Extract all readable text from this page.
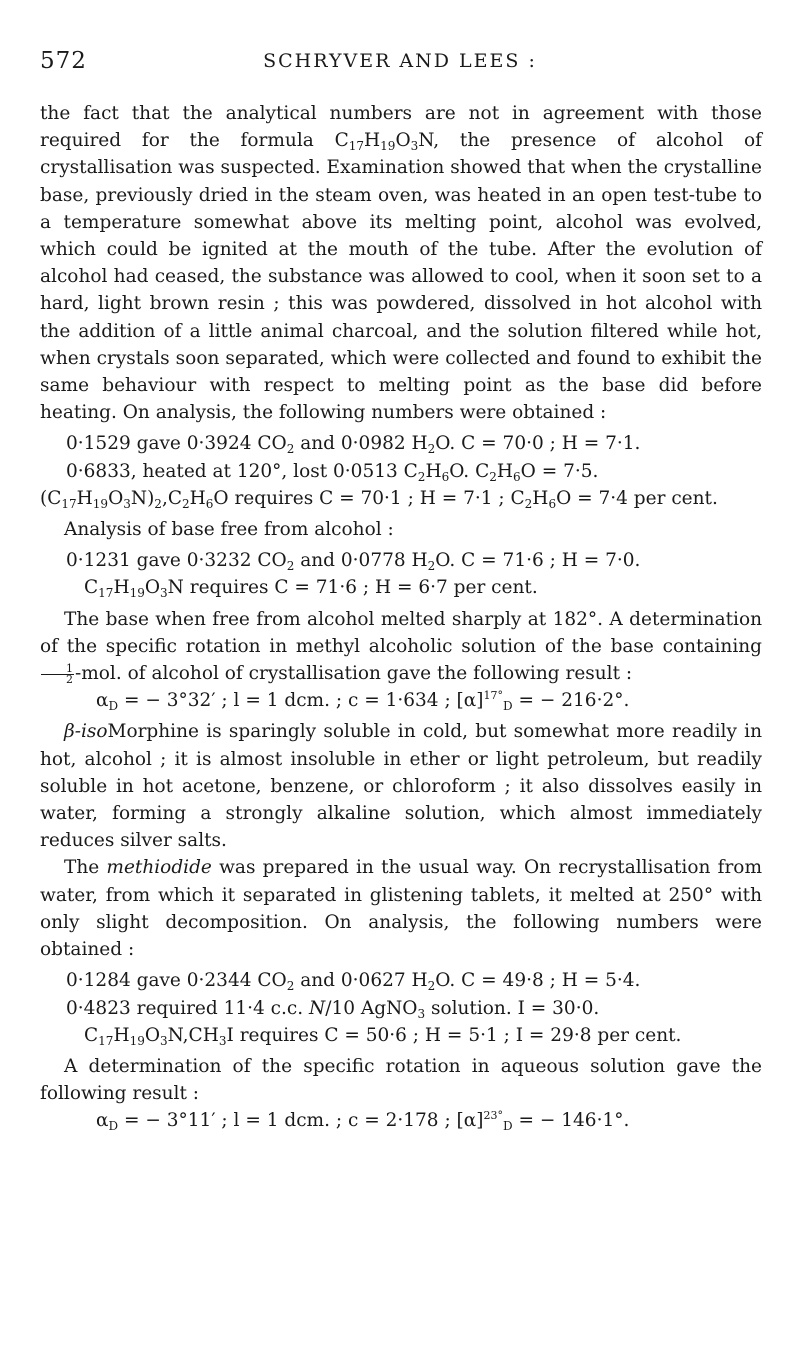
572	SCHRYVER AND LEES :

the fact that the analytical numbers are not in agreement with those required for the formula $C_{17}H_{19}O_3N$, the presence of alcohol of crystallisation was suspected. Examination showed that when the crystalline base, previously dried in the steam oven, was heated in an open test-tube to a temperature somewhat above its melting point, alcohol was evolved, which could be ignited at the mouth of the tube. After the evolution of alcohol had ceased, the substance was allowed to cool, when it soon set to a hard, light brown resin ; this was powdered, dissolved in hot alcohol with the addition of a little animal charcoal, and the solution filtered while hot, when crystals soon separated, which were collected and found to exhibit the same behaviour with respect to melting point as the base did before heating. On analysis, the following numbers were obtained :

0·1529 gave 0·3924 $CO_2$ and 0·0982 $H_2O$. C = 70·0 ; H = 7·1.
0·6833, heated at 120°, lost 0·0513 $C_2H_6O$. $C_2H_6O = 7\cdot 5$.
$(C_{17}H_{19}O_3N)_2,C_2H_6O$ requires C = 70·1 ; H = 7·1 ; $C_2H_6O = 7\cdot 4$ per cent.

Analysis of base free from alcohol :

0·1231 gave 0·3232 $CO_2$ and 0·0778 $H_2O$. C = 71·6 ; H = 7·0.
$C_{17}H_{19}O_3N$ requires C = 71·6 ; H = 6·7 per cent.

The base when free from alcohol melted sharply at 182°. A determination of the specific rotation in methyl alcoholic solution of the base containing
$\frac{1}{2} -mol$. of alcohol of crystallisation gave the following result :

$\alpha_D$ = − 3°32′ ; l = 1 dcm. ; c = 1·634 ; $[\alpha]^{17^\circ}_D$ = − 216·2°.

β-isoMorphine is sparingly soluble in cold, but somewhat more readily in hot, alcohol ; it is almost insoluble in ether or light petroleum, but readily soluble in hot acetone, benzene, or chloroform ; it also dissolves easily in water, forming a strongly alkaline solution, which almost immediately reduces silver salts.

The methiodide was prepared in the usual way. On recrystallisation from water, from which it separated in glistening tablets, it melted at 250° with only slight decomposition. On analysis, the following numbers were obtained :

0·1284 gave 0·2344 $CO_2$ and 0·0627 $H_2O$. C = 49·8 ; H = 5·4.
0·4823 required 11·4 c.c. N/10 AgNO$_3$ solution. I = 30·0.
$C_{17}H_{19}O_3N,CH_3I$ requires C = 50·6 ; H = 5·1 ; I = 29·8 per cent.

A determination of the specific rotation in aqueous solution gave the following result :

$\alpha_D$ = − 3°11′ ; l = 1 dcm. ; c = 2·178 ; $[\alpha]^{23^\circ}_D$ = − 146·1°.
